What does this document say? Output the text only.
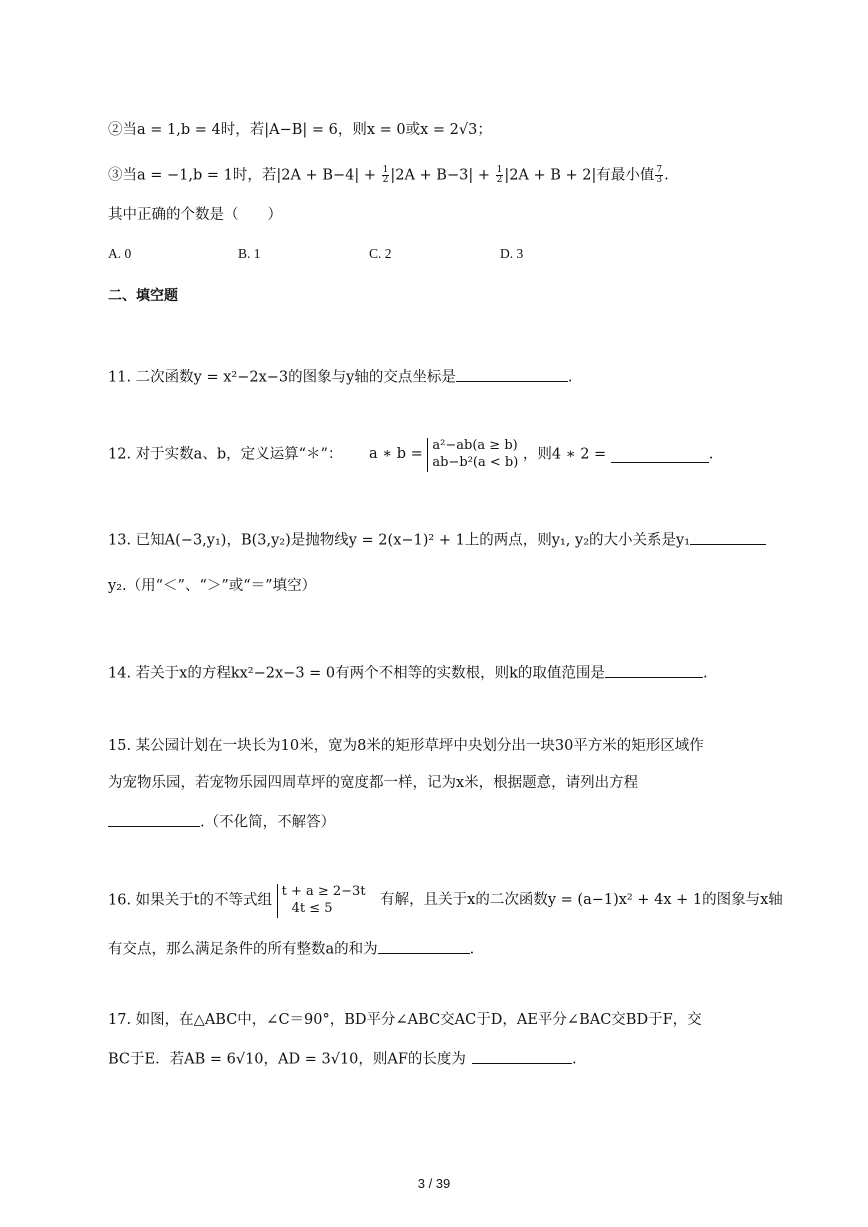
②当a = 1,b = 4时，若|A−B| = 6，则x = 0或x = 2√3；
③当a = −1,b = 1时，若$|2A + B-4| + \frac{1}{2} |2A + B-3| + \frac{1}{2} |2A + B + 2|$有最小值 $\frac{7}{3}$ .
其中正确的个数是（　　）
A. 0	B. 1	C. 2	D. 3
二、填空题
11. 二次函数y = x²−2x−3的图象与y轴的交点坐标是	.
12. 对于实数a、b，定义运算“＊”： a ∗ b = a²−ab(a ≥ b)
ab−b²(a < b) ，则4 ∗ 2 =	.
13. 已知A(−3,y₁)，B(3,y₂)是抛物线y = 2(x−1)² + 1上的两点，则y₁, y₂的大小关系是y₁
y₂.（用“＜”、“＞”或“＝”填空）
14. 若关于x的方程kx²−2x−3 = 0有两个不相等的实数根，则k的取值范围是	.
15. 某公园计划在一块长为10米，宽为8米的矩形草坪中央划分出一块30平方米的矩形区域作
为宠物乐园，若宠物乐园四周草坪的宽度都一样，记为x米，根据题意，请列出方程
.（不化简，不解答）
16. 如果关于t的不等式组 t + a ≥ 2−3t
4t ≤ 5	有解，且关于x的二次函数y = (a−1)x² + 4x + 1的图象与x轴
有交点，那么满足条件的所有整数a的和为	.
17. 如图，在△ABC中，∠C＝90°，BD平分∠ABC交AC于D，AE平分∠BAC交BD于F，交
BC于E．若AB = 6√10，AD = 3√10，则AF的长度为	.
3 / 39
